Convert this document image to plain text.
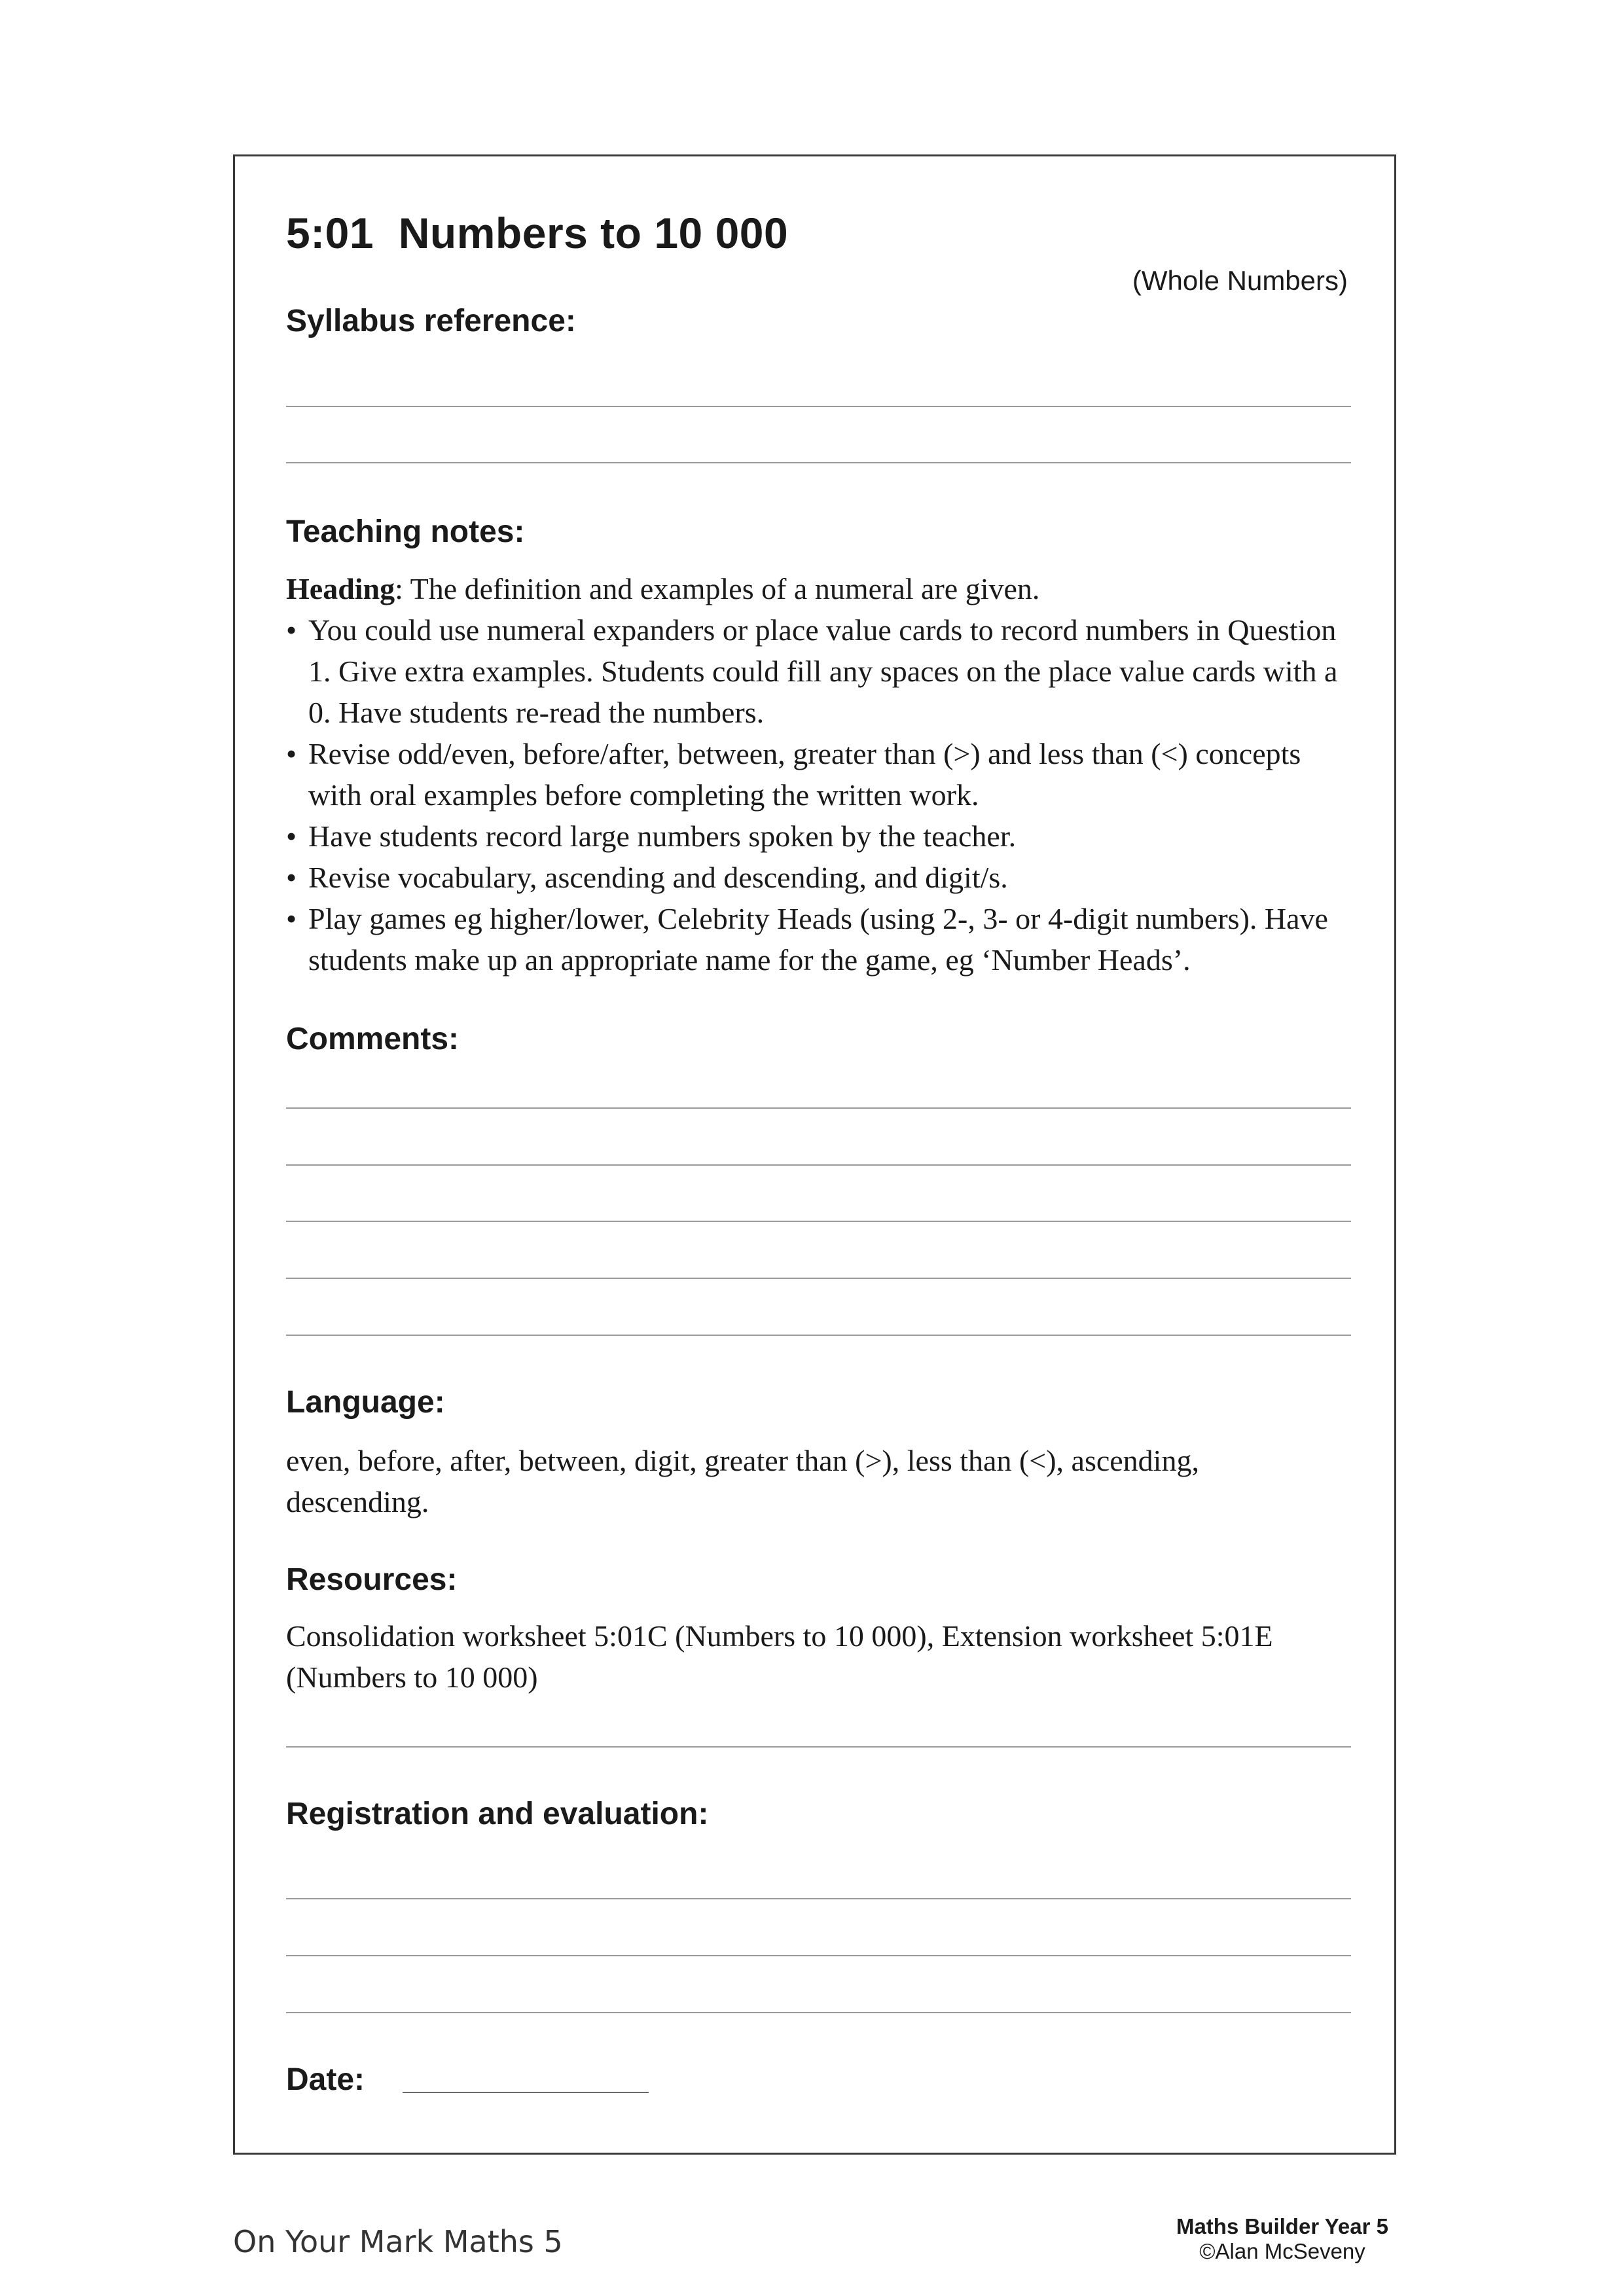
5:01  Numbers to 10 000
(Whole Numbers)
Syllabus reference:
Teaching notes:
Heading: The definition and examples of a numeral are given.
• You could use numeral expanders or place value cards to record numbers in Question 1. Give extra examples. Students could fill any spaces on the place value cards with a 0. Have students re-read the numbers.
• Revise odd/even, before/after, between, greater than (>) and less than (<) concepts with oral examples before completing the written work.
• Have students record large numbers spoken by the teacher.
• Revise vocabulary, ascending and descending, and digit/s.
• Play games eg higher/lower, Celebrity Heads (using 2-, 3- or 4-digit numbers). Have students make up an appropriate name for the game, eg ‘Number Heads’.
Comments:
Language:
even, before, after, between, digit, greater than (>), less than (<), ascending, descending.
Resources:
Consolidation worksheet 5:01C (Numbers to 10 000), Extension worksheet 5:01E (Numbers to 10 000)
Registration and evaluation:
Date:
On Your Mark Maths 5	Maths Builder Year 5
©Alan McSeveny
